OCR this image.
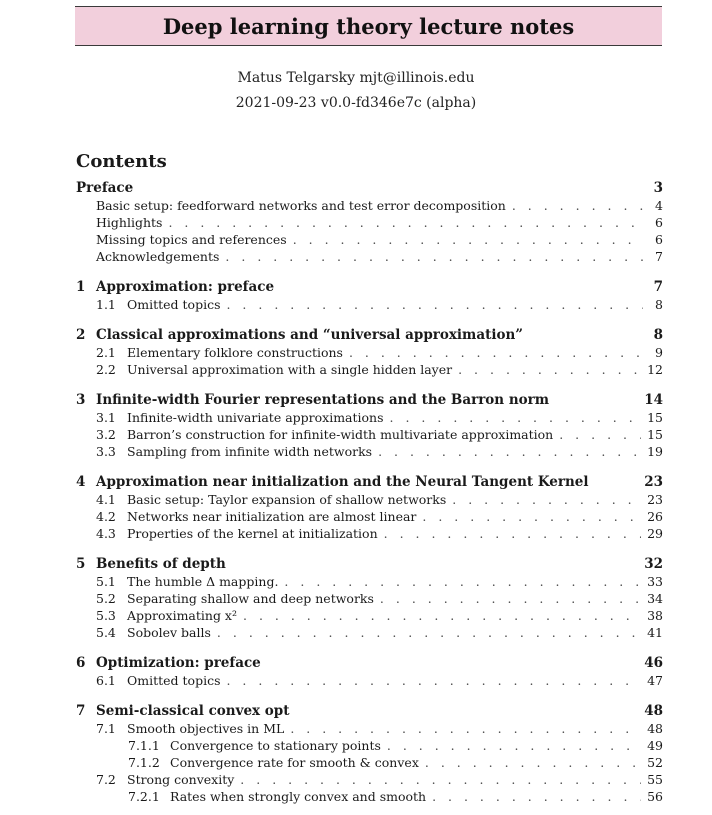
Deep learning theory lecture notes
Matus Telgarsky mjt@illinois.edu
2021-09-23 v0.0-fd346e7c (alpha)
Contents
Preface	3
Basic setup: feedforward networks and test error decomposition . . .	4
Highlights . . .	6
Missing topics and references . . .	6
Acknowledgements . . .	7
1 Approximation: preface	7
1.1 Omitted topics . . .	8
2 Classical approximations and “universal approximation”	8
2.1 Elementary folklore constructions . . .	9
2.2 Universal approximation with a single hidden layer . . .	12
3 Infinite-width Fourier representations and the Barron norm	14
3.1 Infinite-width univariate approximations . . .	15
3.2 Barron’s construction for infinite-width multivariate approximation . . .	15
3.3 Sampling from infinite width networks . . .	19
4 Approximation near initialization and the Neural Tangent Kernel	23
4.1 Basic setup: Taylor expansion of shallow networks . . .	23
4.2 Networks near initialization are almost linear . . .	26
4.3 Properties of the kernel at initialization . . .	29
5 Benefits of depth	32
5.1 The humble Δ mapping. . . .	33
5.2 Separating shallow and deep networks . . .	34
5.3 Approximating x² . . .	38
5.4 Sobolev balls . . .	41
6 Optimization: preface	46
6.1 Omitted topics . . .	47
7 Semi-classical convex opt	48
7.1 Smooth objectives in ML . . .	48
7.1.1 Convergence to stationary points . . .	49
7.1.2 Convergence rate for smooth & convex . . .	52
7.2 Strong convexity . . .	55
7.2.1 Rates when strongly convex and smooth . . .	56
